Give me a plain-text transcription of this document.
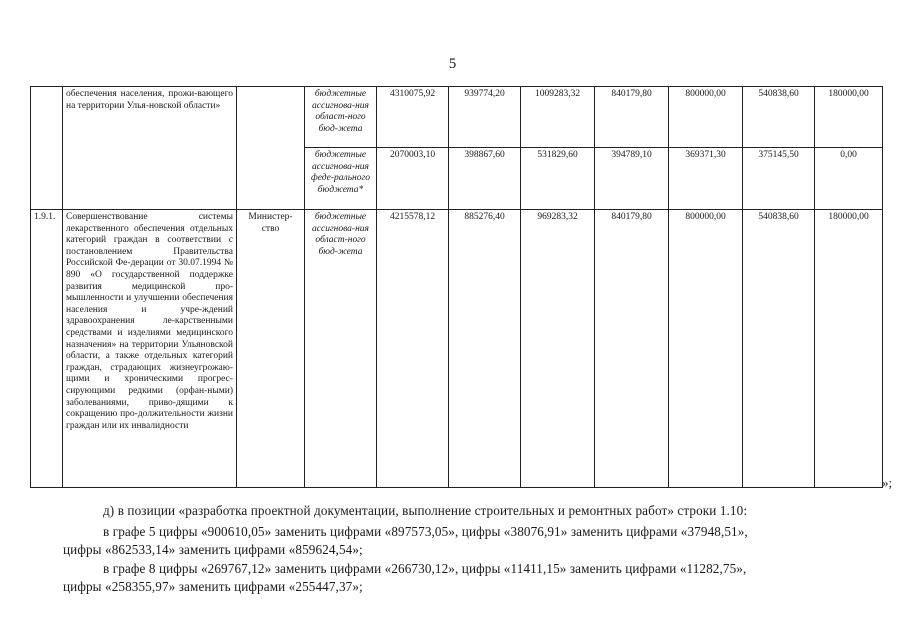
5
	обеспечения населения, прожи-вающего на территории Улья-новской области»		бюджетные ассигнова-ния област-ного бюд-жета	4310075,92	939774,20	1009283,32	840179,80	800000,00	540838,60	180000,00
			бюджетные ассигнова-ния феде-рального бюджета*	2070003,10	398867,60	531829,60	394789,10	369371,30	375145,50	0,00
1.9.1.	Совершенствование системы лекарственного обеспечения отдельных категорий граждан в соответствии с постановлением Правительства Российской Фе-дерации от 30.07.1994 № 890 «О государственной поддержке развития медицинской про-мышленности и улучшении обеспечения населения и учре-ждений здравоохранения ле-карственными средствами и изделиями медицинского назначения» на территории Ульяновской области, а также отдельных категорий граждан, страдающих жизнеугрожаю-щими и хроническими прогрес-сирующими редкими (орфан-ными) заболеваниями, приво-дящими к сокращению про-должительности жизни граждан или их инвалидности	Министер-ство	бюджетные ассигнова-ния област-ного бюд-жета	4215578,12	885276,40	969283,32	840179,80	800000,00	540838,60	180000,00
»;
д) в позиции «разработка проектной документации, выполнение строительных и ремонтных работ» строки 1.10:
в графе 5 цифры «900610,05» заменить цифрами «897573,05», цифры «38076,91» заменить цифрами «37948,51»,
цифры «862533,14» заменить цифрами «859624,54»;
в графе 8 цифры «269767,12» заменить цифрами «266730,12», цифры «11411,15» заменить цифрами «11282,75»,
цифры «258355,97» заменить цифрами «255447,37»;
